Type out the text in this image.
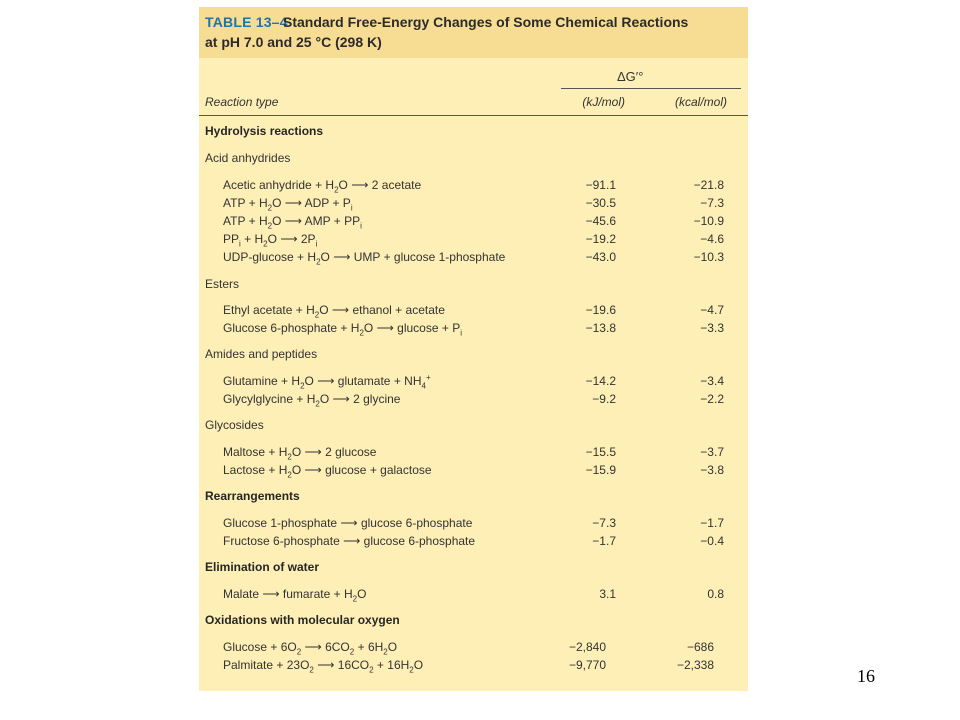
TABLE 13–4
Standard Free-Energy Changes of Some Chemical Reactions
at pH 7.0 and 25 °C (298 K)
ΔG′°
Reaction type	(kJ/mol)	(kcal/mol)
Hydrolysis reactions
Acid anhydrides
Acetic anhydride + $H_2O$ ⟶ 2 acetate	−91.1	−21.8
ATP + $H_2O$ ⟶ ADP + $P_i$	−30.5	−7.3
ATP + $H_2O$ ⟶ AMP + $PP_i$	−45.6	−10.9
$PP_i + H_2O$ ⟶ $2P_i$	−19.2	−4.6
$UDP-glucose + H_2O$ ⟶ UMP + glucose 1-phosphate	−43.0	−10.3
Esters
Ethyl acetate + $H_2O$ ⟶ ethanol + acetate	−19.6	−4.7
Glucose 6-phosphate + $H_2O$ ⟶ $glucose + P_i$	−13.8	−3.3
Amides and peptides
Glutamine + $H_2O$ ⟶ glutamate + $NH_4^+$	−14.2	−3.4
Glycylglycine + $H_2O$ ⟶ 2 glycine	−9.2	−2.2
Glycosides
Maltose + $H_2O$ ⟶ 2 glucose	−15.5	−3.7
Lactose + $H_2O$ ⟶ glucose + galactose	−15.9	−3.8
Rearrangements
Glucose 1-phosphate ⟶ glucose 6-phosphate	−7.3	−1.7
Fructose 6-phosphate ⟶ glucose 6-phosphate	−1.7	−0.4
Elimination of water
Malate ⟶ fumarate + $H_2O$	3.1	0.8
Oxidations with molecular oxygen
$Glucose + 6O_2$ ⟶ $6CO_2 + 6H_2O$	−2,840	−686
Palmitate + $23O_2$ ⟶ $16CO_2 + 16H_2O$	−9,770	−2,338
16
